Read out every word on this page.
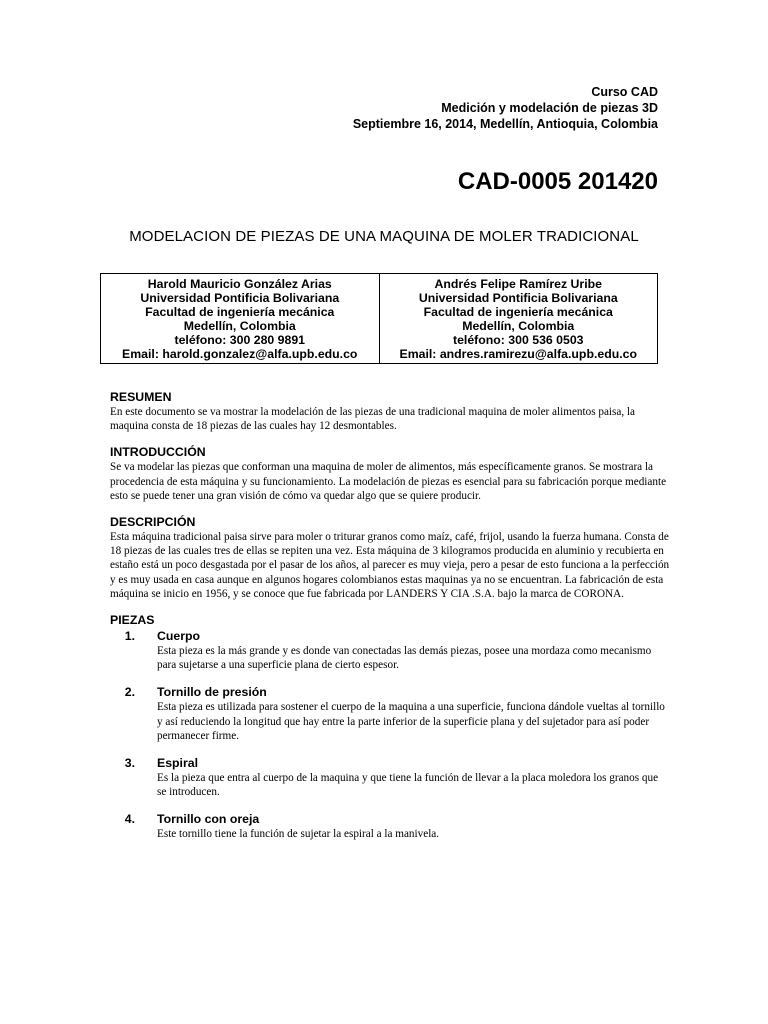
Curso CAD
Medición y modelación de piezas 3D
Septiembre 16, 2014, Medellín, Antioquia, Colombia
CAD-0005 201420
MODELACION DE PIEZAS DE UNA MAQUINA DE MOLER TRADICIONAL
Harold Mauricio González Arias
Universidad Pontificia Bolivariana
Facultad de ingeniería mecánica
Medellín, Colombia
teléfono: 300 280 9891
Email: harold.gonzalez@alfa.upb.edu.co
Andrés Felipe Ramírez Uribe
Universidad Pontificia Bolivariana
Facultad de ingeniería mecánica
Medellín, Colombia
teléfono: 300 536 0503
Email: andres.ramirezu@alfa.upb.edu.co
RESUMEN

En este documento se va mostrar la modelación de las piezas de una tradicional maquina de moler alimentos paisa, la maquina consta de 18 piezas de las cuales hay 12 desmontables.

INTRODUCCIÓN

Se va modelar las piezas que conforman una maquina de moler de alimentos, más específicamente granos. Se mostrara la procedencia de esta máquina y su funcionamiento. La modelación de piezas es esencial para su fabricación porque mediante esto se puede tener una gran visión de cómo va quedar algo que se quiere producir.

DESCRIPCIÓN

Esta máquina tradicional paisa sirve para moler o triturar granos como maíz, café, frijol, usando la fuerza humana. Consta de 18 piezas de las cuales tres de ellas se repiten una vez. Esta máquina de 3 kilogramos producida en aluminio y recubierta en estaño está un poco desgastada por el pasar de los años, al parecer es muy vieja, pero a pesar de esto funciona a la perfección y es muy usada en casa aunque en algunos hogares colombianos estas maquinas ya no se encuentran. La fabricación de esta máquina se inicio en 1956, y se conoce que fue fabricada por LANDERS Y CIA .S.A. bajo la marca de CORONA.

PIEZAS
1. Cuerpo

Esta pieza es la más grande y es donde van conectadas las demás piezas, posee una mordaza como mecanismo para sujetarse a una superficie plana de cierto espesor.

2. Tornillo de presión

Esta pieza es utilizada para sostener el cuerpo de la maquina a una superficie, funciona dándole vueltas al tornillo y así reduciendo la longitud que hay entre la parte inferior de la superficie plana y del sujetador para así poder permanecer firme.

3. Espiral

Es la pieza que entra al cuerpo de la maquina y que tiene la función de llevar a la placa moledora los granos que se introducen.

4. Tornillo con oreja

Este tornillo tiene la función de sujetar la espiral a la manivela.
